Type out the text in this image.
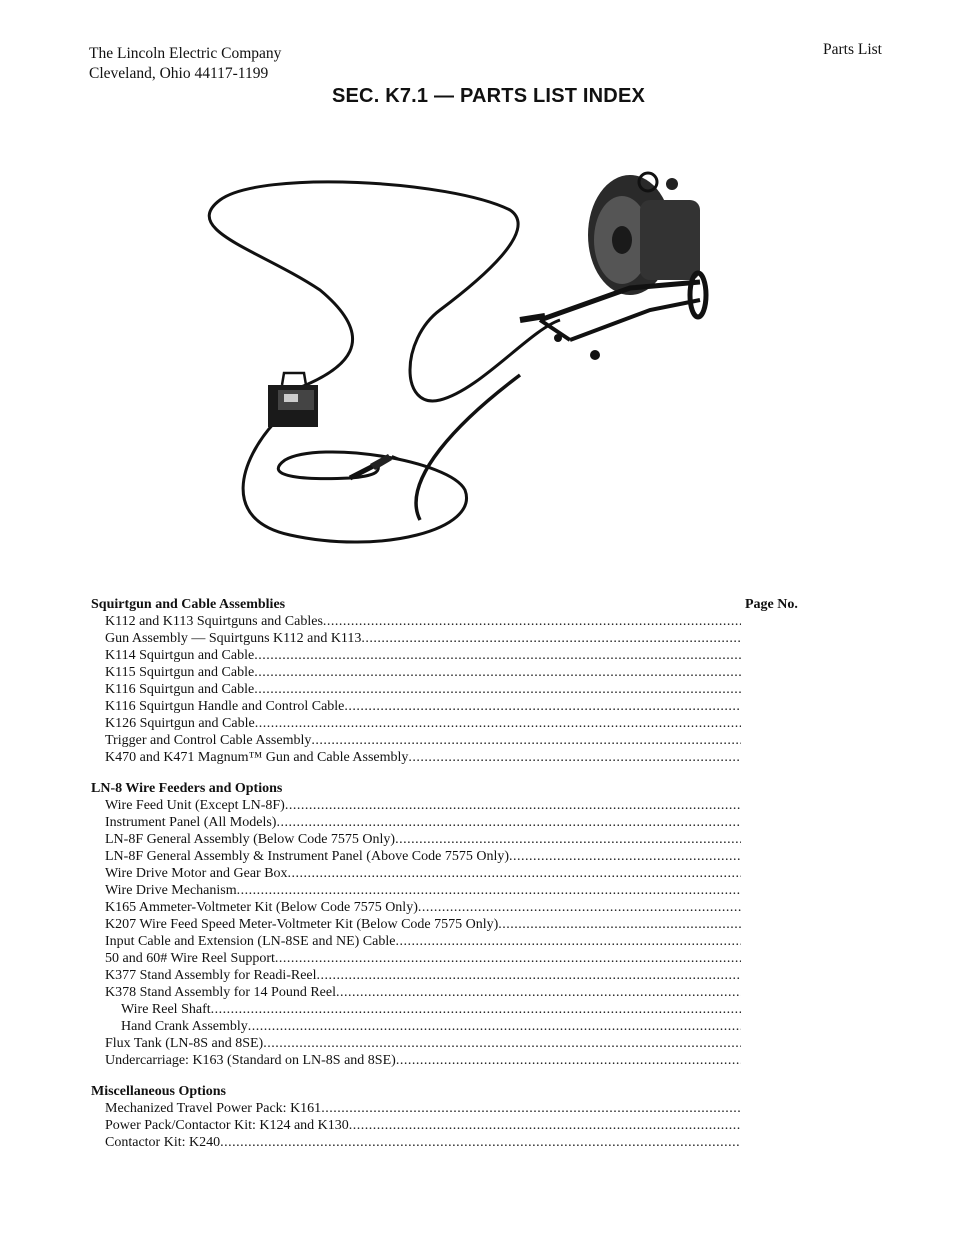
The Lincoln Electric Company
Cleveland, Ohio 44117-1199
Parts List
SEC. K7.1 — PARTS LIST INDEX
Squirtgun and Cable Assemblies	Page No.
K112 and K113 Squirtguns and Cables
.....
Gun Assembly — Squirtguns K112 and K113
.....
K114 Squirtgun and Cable
.....
K115 Squirtgun and Cable
.....
K116 Squirtgun and Cable
.....
K116 Squirtgun Handle and Control Cable
.....
K126 Squirtgun and Cable
.....
Trigger and Control Cable Assembly
.....
K470 and K471 Magnum™ Gun and Cable Assembly
.....
LN-8 Wire Feeders and Options
Wire Feed Unit (Except LN-8F)
.....
Instrument Panel (All Models)
.....
LN-8F General Assembly (Below Code 7575 Only)
.....
LN-8F General Assembly & Instrument Panel (Above Code 7575 Only)
.....
Wire Drive Motor and Gear Box
.....
Wire Drive Mechanism
.....
K165 Ammeter-Voltmeter Kit (Below Code 7575 Only)
.....
K207 Wire Feed Speed Meter-Voltmeter Kit (Below Code 7575 Only)
.....
Input Cable and Extension (LN-8SE and NE) Cable
.....
50 and 60# Wire Reel Support
.....
K377 Stand Assembly for Readi-Reel
.....
K378 Stand Assembly for 14 Pound Reel
.....
Wire Reel Shaft
.....
Hand Crank Assembly
.....
Flux Tank (LN-8S and 8SE)
.....
Undercarriage: K163 (Standard on LN-8S and 8SE)
.....
Miscellaneous Options
Mechanized Travel Power Pack: K161
.....
Power Pack/Contactor Kit: K124 and K130
.....
Contactor Kit: K240
.....
